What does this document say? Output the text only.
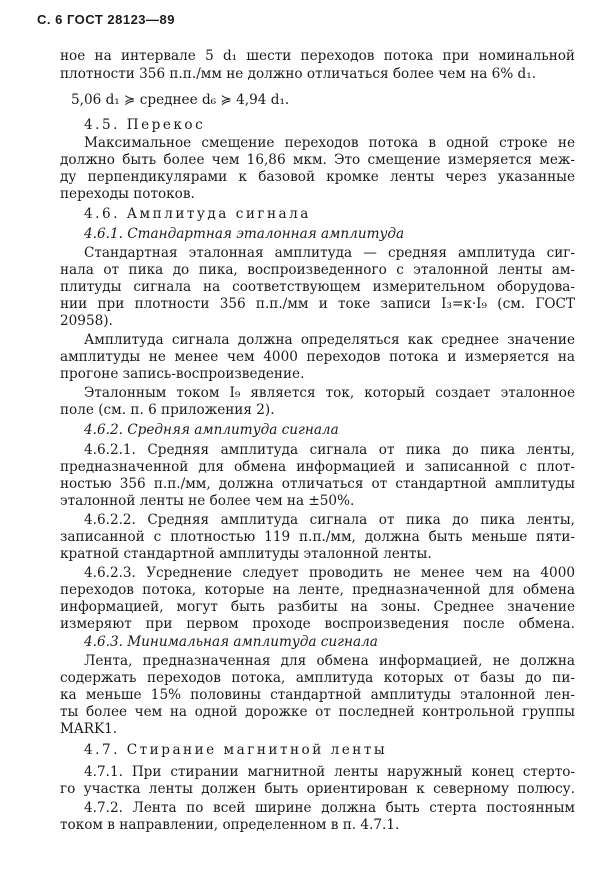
С. 6 ГОСТ 28123—89
ное на интервале 5 d₁ шести переходов потока при номинальной
плотности 356 п.п./мм не должно отличаться более чем на 6% d₁.
5,06 d₁ ≽ среднее d₆ ≽ 4,94 d₁.
4.5. Перекос
Максимальное смещение переходов потока в одной строке не
должно быть более чем 16,86 мкм. Это смещение измеряется меж-
ду перпендикулярами к базовой кромке ленты через указанные
переходы потоков.
4.6. Амплитуда сигнала
4.6.1. Стандартная эталонная амплитуда
Стандартная эталонная амплитуда — средняя амплитуда сиг-
нала от пика до пика, воспроизведенного с эталонной ленты ам-
плитуды сигнала на соответствующем измерительном оборудова-
нии при плотности 356 п.п./мм и токе записи I₃=κ·I₉ (см. ГОСТ
20958).
Амплитуда сигнала должна определяться как среднее значение
амплитуды не менее чем 4000 переходов потока и измеряется на
прогоне запись-воспроизведение.
Эталонным током I₉ является ток, который создает эталонное
поле (см. п. 6 приложения 2).
4.6.2. Средняя амплитуда сигнала
4.6.2.1. Средняя амплитуда сигнала от пика до пика ленты,
предназначенной для обмена информацией и записанной с плот-
ностью 356 п.п./мм, должна отличаться от стандартной амплитуды
эталонной ленты не более чем на ±50%.
4.6.2.2. Средняя амплитуда сигнала от пика до пика ленты,
записанной с плотностью 119 п.п./мм, должна быть меньше пяти-
кратной стандартной амплитуды эталонной ленты.
4.6.2.3. Усреднение следует проводить не менее чем на 4000
переходов потока, которые на ленте, предназначенной для обмена
информацией, могут быть разбиты на зоны. Среднее значение
измеряют при первом проходе воспроизведения после обмена.
4.6.3. Минимальная амплитуда сигнала
Лента, предназначенная для обмена информацией, не должна
содержать переходов потока, амплитуда которых от базы до пи-
ка меньше 15% половины стандартной амплитуды эталонной лен-
ты более чем на одной дорожке от последней контрольной группы
MARK1.
4.7. Стирание магнитной ленты
4.7.1. При стирании магнитной ленты наружный конец стерто-
го участка ленты должен быть ориентирован к северному полюсу.
4.7.2. Лента по всей ширине должна быть стерта постоянным
током в направлении, определенном в п. 4.7.1.
